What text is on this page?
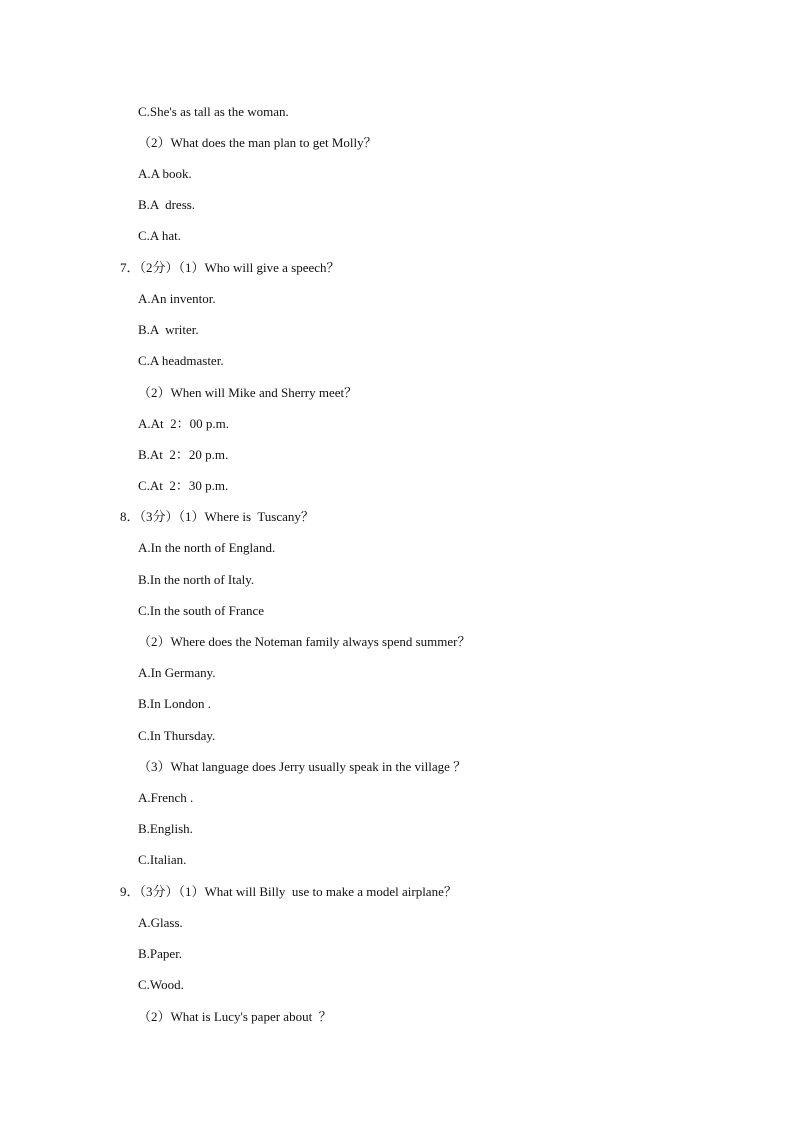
C.She's as tall as the woman.
（2）What does the man plan to get Molly？
A.A book.
B.A  dress.
C.A hat.
7．（2分）（1）Who will give a speech？
A.An inventor.
B.A  writer.
C.A headmaster.
（2）When will Mike and Sherry meet？
A.At  2：00 p.m.
B.At  2：20 p.m.
C.At  2：30 p.m.
8．（3分）（1）Where is  Tuscany？
A.In the north of England.
B.In the north of Italy.
C.In the south of France
（2）Where does the Noteman family always spend summer？
A.In Germany.
B.In London .
C.In Thursday.
（3）What language does Jerry usually speak in the village ？
A.French .
B.English.
C.Italian.
9．（3分）（1）What will Billy  use to make a model airplane？
A.Glass.
B.Paper.
C.Wood.
（2）What is Lucy's paper about  ？
